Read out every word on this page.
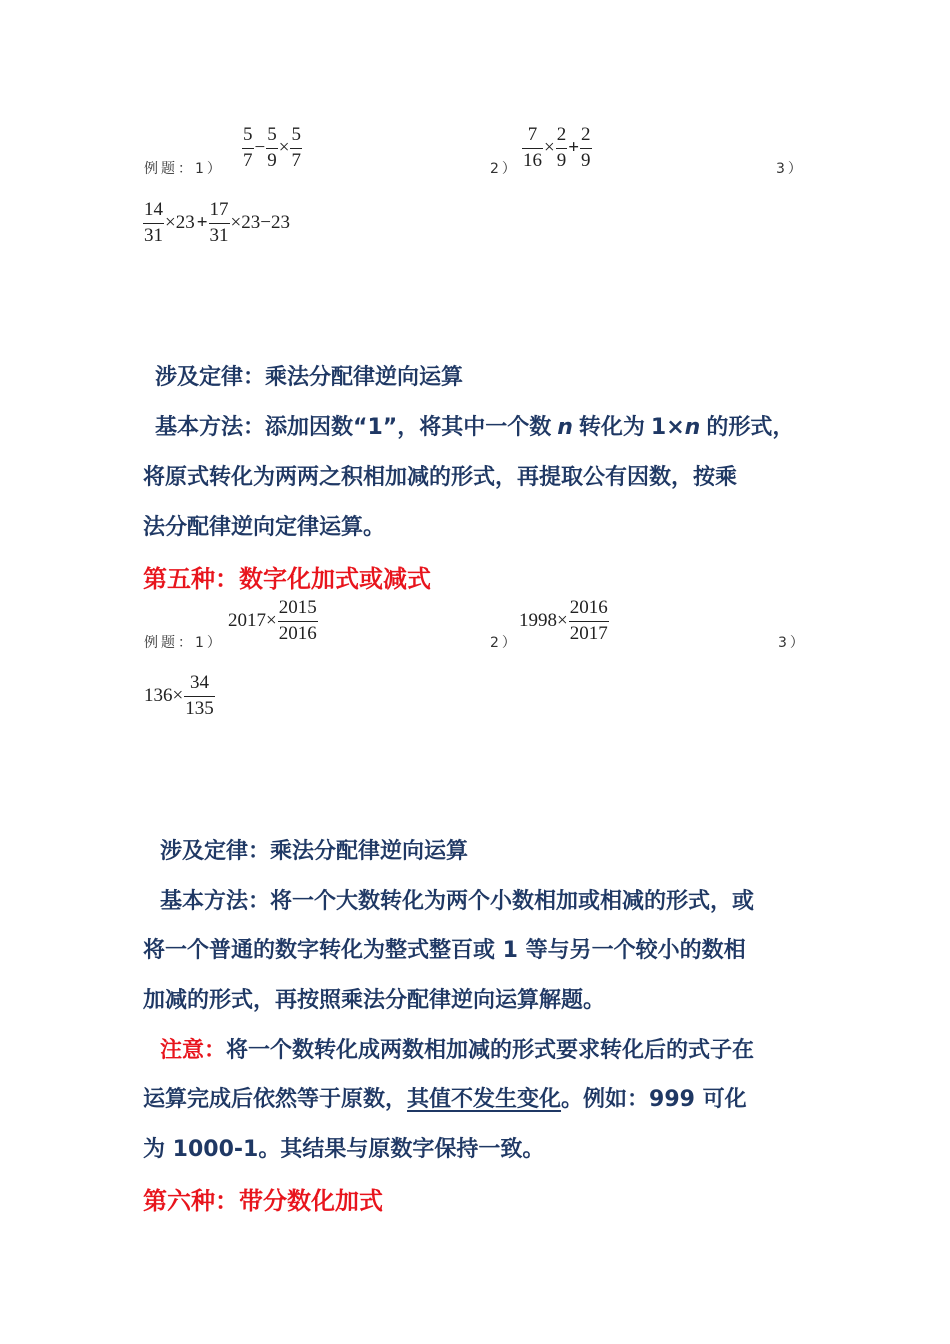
例题：$1) \frac{5}{7} - \frac{5}{9} \times \frac{5}{7}$	$2) \frac{7}{16} \times \frac{2}{9} + \frac{2}{9}$	3）
$\frac{14}{31} \times 23 + \frac{17}{31} \times 23-23$
涉及定律：乘法分配律逆向运算
基本方法：添加因数“1”，将其中一个数 n 转化为 1×n 的形式，
将原式转化为两两之积相加减的形式，再提取公有因数，按乘
法分配律逆向定律运算。
第五种：数字化加式或减式
例题：1）
$2017\times \frac{2015}{2016}$	2）
$1998\times \frac{2016}{2017}$	3）
$136\times \frac{34}{135}$
涉及定律：乘法分配律逆向运算
基本方法：将一个大数转化为两个小数相加或相减的形式，或
将一个普通的数字转化为整式整百或 1 等与另一个较小的数相
加减的形式，再按照乘法分配律逆向运算解题。
注意：将一个数转化成两数相加减的形式要求转化后的式子在
运算完成后依然等于原数，其值不发生变化。例如：999 可化
为 1000-1。其结果与原数字保持一致。
第六种：带分数化加式
